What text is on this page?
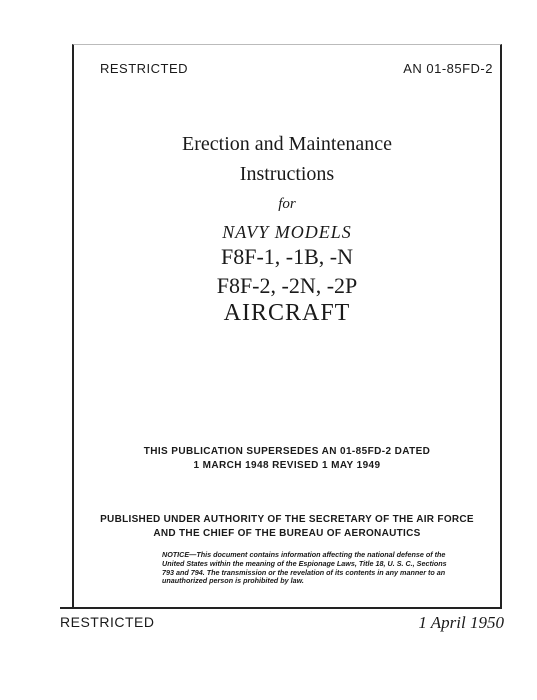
RESTRICTED	AN 01-85FD-2
Erection and Maintenance
Instructions
for
NAVY MODELS
F8F-1, -1B, -N
F8F-2, -2N, -2P
AIRCRAFT
THIS PUBLICATION SUPERSEDES AN 01-85FD-2 DATED
1 MARCH 1948 REVISED 1 MAY 1949
PUBLISHED UNDER AUTHORITY OF THE SECRETARY OF THE AIR FORCE
AND THE CHIEF OF THE BUREAU OF AERONAUTICS
NOTICE—This document contains information affecting the national defense of the United States within the meaning of the Espionage Laws, Title 18, U. S. C., Sections 793 and 794. The transmission or the revelation of its contents in any manner to an unauthorized person is prohibited by law.
RESTRICTED	1 April 1950
